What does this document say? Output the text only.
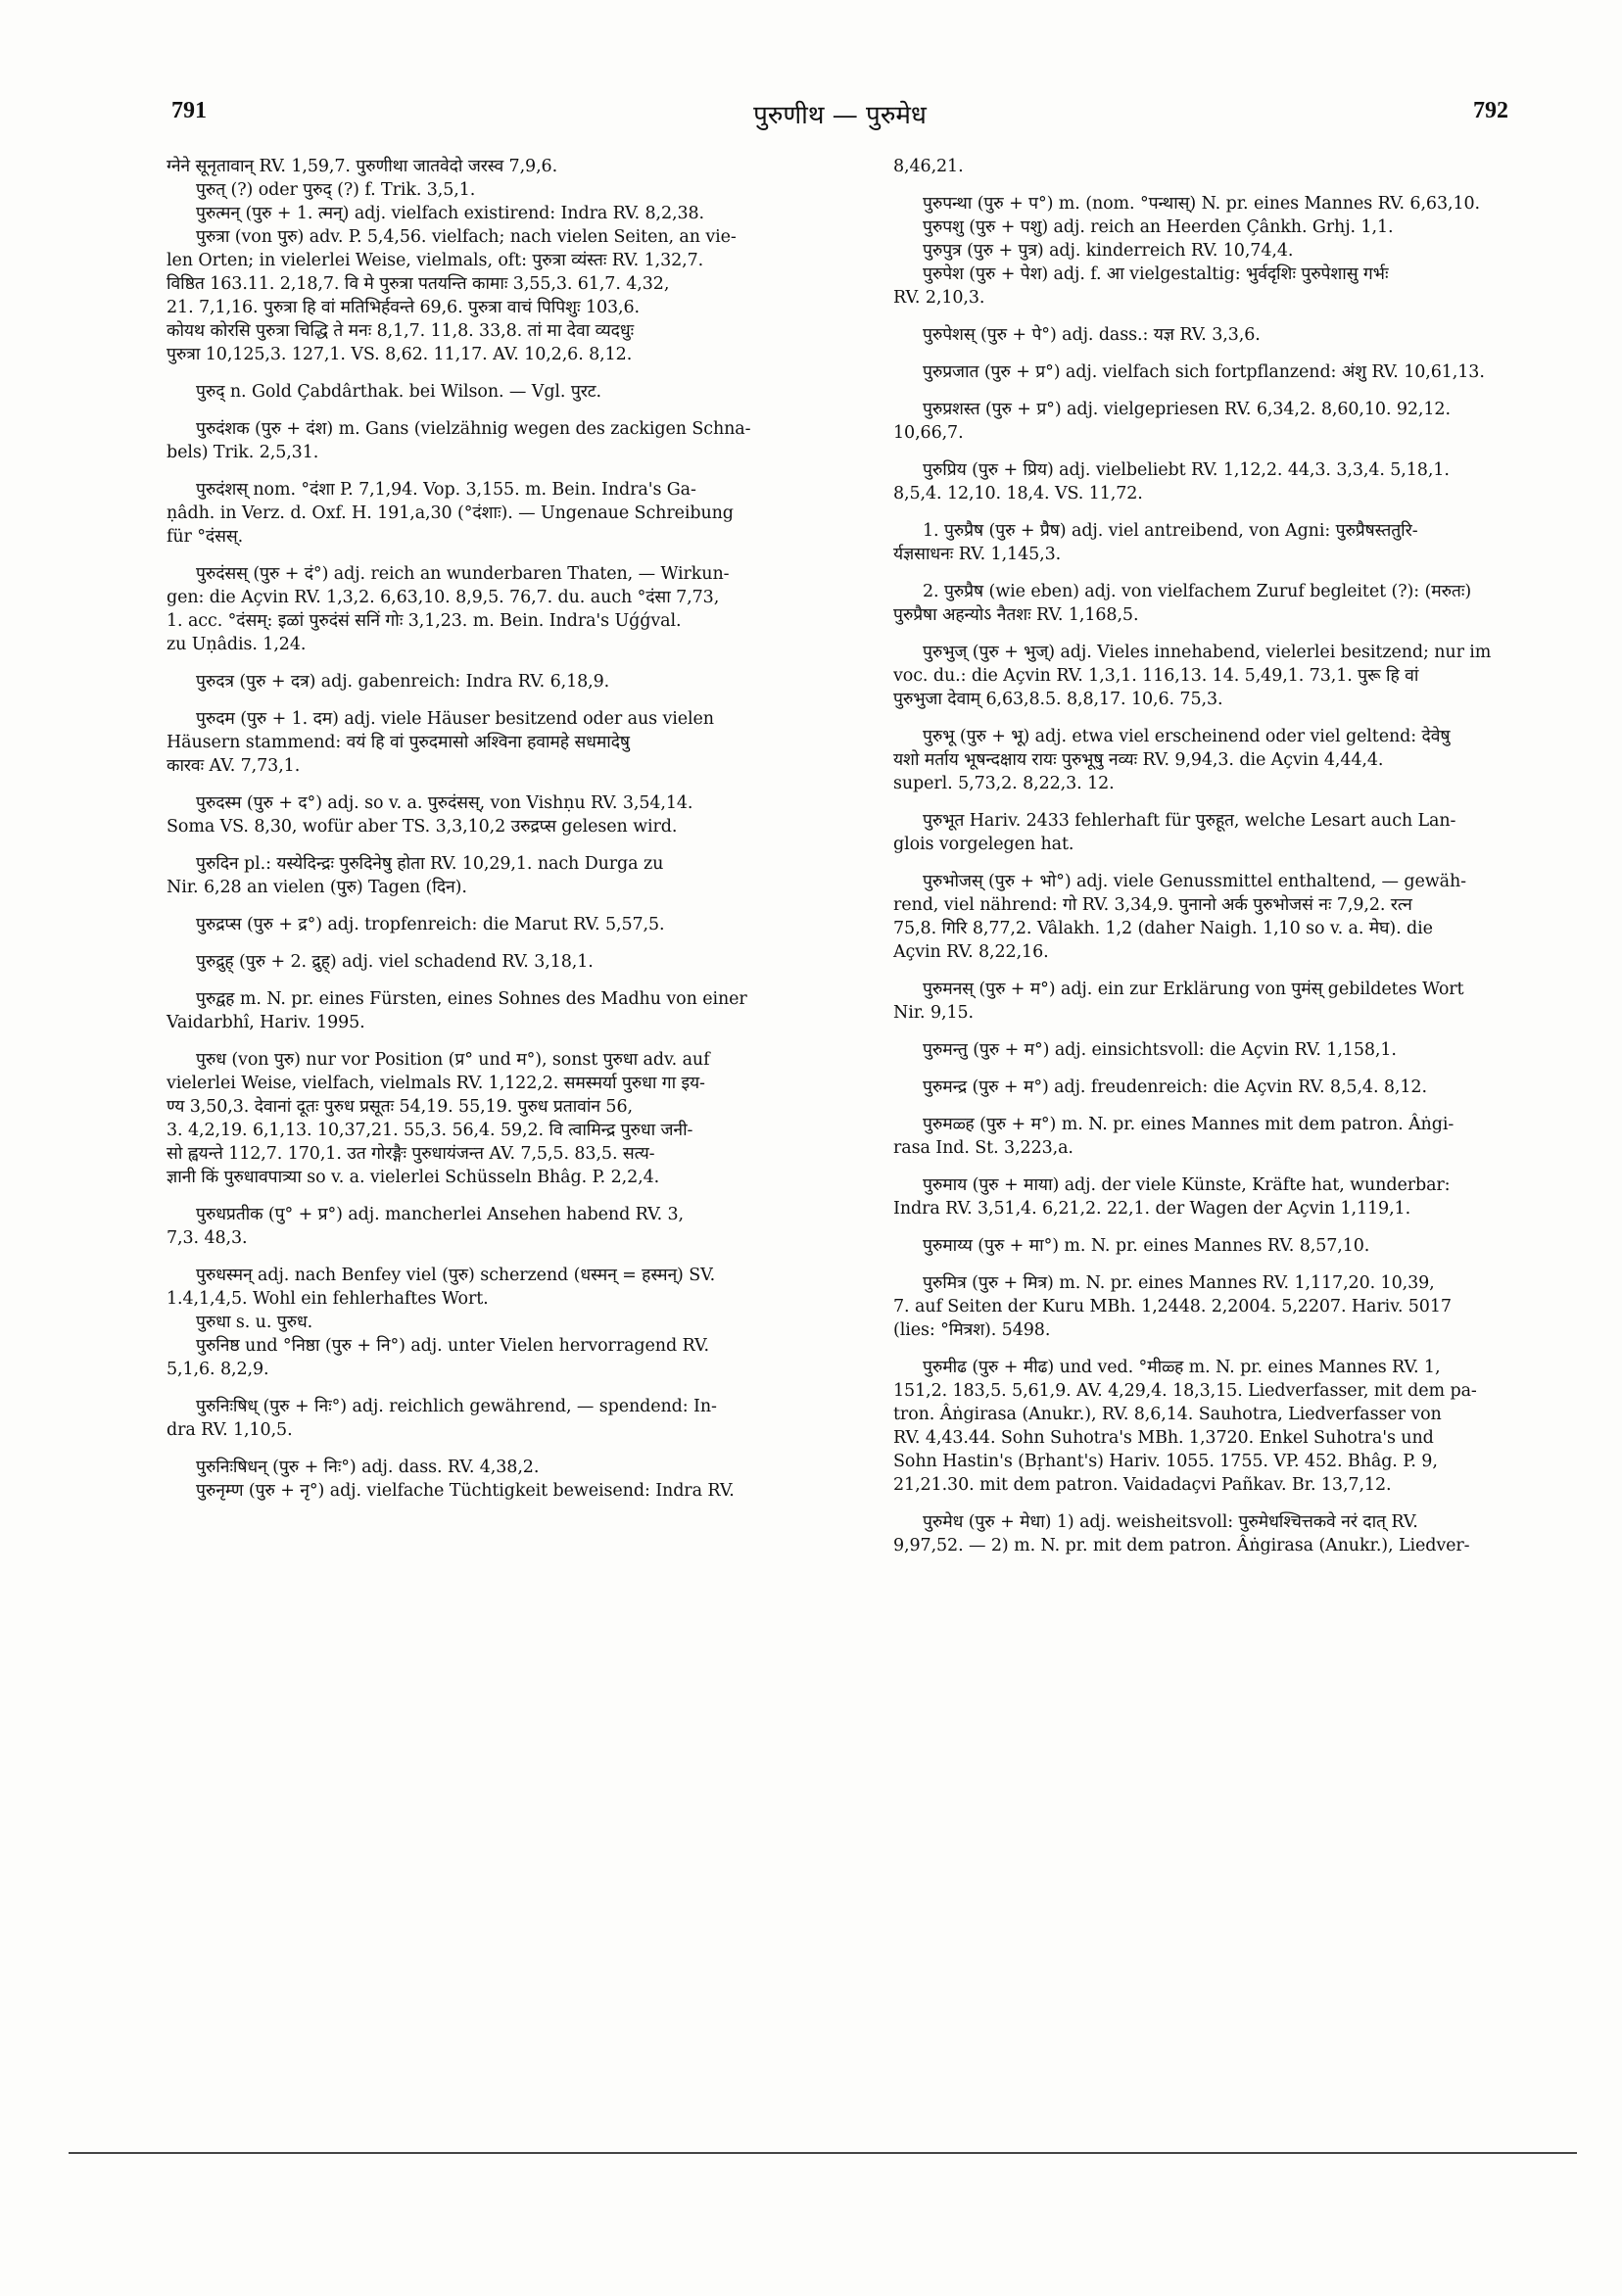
791	पुरुणीथ — पुरुमेध	792

ग्नेने सूनृतावान् RV. 1,59,7. पुरुणीथा जातवेदो जरस्व 7,9,6.

पुरुत् (?) oder पुरुद् (?) f. Trik. 3,5,1.

पुरुत्मन् (पुरु + 1. त्मन्) adj. vielfach existirend: Indra RV. 8,2,38.

पुरुत्रा (von पुरु) adv. P. 5,4,56. vielfach; nach vielen Seiten, an vie-

len Orten; in vielerlei Weise, vielmals, oft: पुरुत्रा व्यंस्तः RV. 1,32,7.

विष्ठित 163.11. 2,18,7. वि मे पुरुत्रा पतयन्ति कामाः 3,55,3. 61,7. 4,32,

21. 7,1,16. पुरुत्रा हि वां मतिभिर्हवन्ते 69,6. पुरुत्रा वाचं पिपिशुः 103,6.

कोयथ कोरसि पुरुत्रा चिद्धि ते मनः 8,1,7. 11,8. 33,8. तां मा देवा व्यदधुः

पुरुत्रा 10,125,3. 127,1. VS. 8,62. 11,17. AV. 10,2,6. 8,12.

पुरुद् n. Gold Çabdârthak. bei Wilson. — Vgl. पुरट.

पुरुदंशक (पुरु + दंश) m. Gans (vielzähnig wegen des zackigen Schna-

bels) Trik. 2,5,31.

पुरुदंशस् nom. °दंशा P. 7,1,94. Vop. 3,155. m. Bein. Indra's Ga-

ṇâdh. in Verz. d. Oxf. H. 191,a,30 (°दंशाः). — Ungenaue Schreibung

für °दंसस्.

पुरुदंसस् (पुरु + दं°) adj. reich an wunderbaren Thaten, — Wirkun-

gen: die Açvin RV. 1,3,2. 6,63,10. 8,9,5. 76,7. du. auch °दंसा 7,73,

1. acc. °दंसम्: इळां पुरुदंसं सनिं गोः 3,1,23. m. Bein. Indra's Uǵǵval.

zu Uṇâdis. 1,24.

पुरुदत्र (पुरु + दत्र) adj. gabenreich: Indra RV. 6,18,9.

पुरुदम (पुरु + 1. दम) adj. viele Häuser besitzend oder aus vielen

Häusern stammend: वयं हि वां पुरुदमासो अश्विना हवामहे सधमादेषु

कारवः AV. 7,73,1.

पुरुदस्म (पुरु + द°) adj. so v. a. पुरुदंसस्, von Vishṇu RV. 3,54,14.

Soma VS. 8,30, wofür aber TS. 3,3,10,2 उरुद्रप्स gelesen wird.

पुरुदिन pl.: यस्येदिन्द्रः पुरुदिनेषु होता RV. 10,29,1. nach Durga zu

Nir. 6,28 an vielen (पुरु) Tagen (दिन).

पुरुद्रप्स (पुरु + द्र°) adj. tropfenreich: die Marut RV. 5,57,5.

पुरुद्रुह् (पुरु + 2. द्रुह्) adj. viel schadend RV. 3,18,1.

पुरुद्वह m. N. pr. eines Fürsten, eines Sohnes des Madhu von einer

Vaidarbhî, Hariv. 1995.

पुरुध (von पुरु) nur vor Position (प्र° und म°), sonst पुरुधा adv. auf

vielerlei Weise, vielfach, vielmals RV. 1,122,2. समस्मर्या पुरुधा गा इय-

ण्य 3,50,3. देवानां दूतः पुरुध प्रसूतः 54,19. 55,19. पुरुध प्रतावांन 56,

3. 4,2,19. 6,1,13. 10,37,21. 55,3. 56,4. 59,2. वि त्वामिन्द्र पुरुधा जनी-

सो ह्वयन्ते 112,7. 170,1. उत गोरङ्गैः पुरुधायंजन्त AV. 7,5,5. 83,5. सत्य-

ज्ञानी किं पुरुधावपात्र्या so v. a. vielerlei Schüsseln Bhâg. P. 2,2,4.

पुरुधप्रतीक (पु° + प्र°) adj. mancherlei Ansehen habend RV. 3,

7,3. 48,3.

पुरुधस्मन् adj. nach Benfey viel (पुरु) scherzend (धस्मन् = हस्मन्) SV.

1.4,1,4,5. Wohl ein fehlerhaftes Wort.

पुरुधा s. u. पुरुध.

पुरुनिष्ठ und °निष्ठा (पुरु + नि°) adj. unter Vielen hervorragend RV.

5,1,6. 8,2,9.

पुरुनिःषिध् (पुरु + निः°) adj. reichlich gewährend, — spendend: In-

dra RV. 1,10,5.

पुरुनिःषिधन् (पुरु + निः°) adj. dass. RV. 4,38,2.

पुरुनृम्ण (पुरु + नृ°) adj. vielfache Tüchtigkeit beweisend: Indra RV.

8,46,21.

पुरुपन्था (पुरु + प°) m. (nom. °पन्थास्) N. pr. eines Mannes RV. 6,63,10.

पुरुपशु (पुरु + पशु) adj. reich an Heerden Çânkh. Grhj. 1,1.

पुरुपुत्र (पुरु + पुत्र) adj. kinderreich RV. 10,74,4.

पुरुपेश (पुरु + पेश) adj. f. आ vielgestaltig: भुर्वदृशिः पुरुपेशासु गर्भः

RV. 2,10,3.

पुरुपेशस् (पुरु + पे°) adj. dass.: यज्ञ RV. 3,3,6.

पुरुप्रजात (पुरु + प्र°) adj. vielfach sich fortpflanzend: अंशु RV. 10,61,13.

पुरुप्रशस्त (पुरु + प्र°) adj. vielgepriesen RV. 6,34,2. 8,60,10. 92,12.

10,66,7.

पुरुप्रिय (पुरु + प्रिय) adj. vielbeliebt RV. 1,12,2. 44,3. 3,3,4. 5,18,1.

8,5,4. 12,10. 18,4. VS. 11,72.

1. पुरुप्रैष (पुरु + प्रैष) adj. viel antreibend, von Agni: पुरुप्रैषस्ततुरि-

र्यज्ञसाधनः RV. 1,145,3.

2. पुरुप्रैष (wie eben) adj. von vielfachem Zuruf begleitet (?): (मरुतः)

पुरुप्रैषा अहन्योऽ नैतशः RV. 1,168,5.

पुरुभुज् (पुरु + भुज्) adj. Vieles innehabend, vielerlei besitzend; nur im

voc. du.: die Açvin RV. 1,3,1. 116,13. 14. 5,49,1. 73,1. पुरू हि वां

पुरुभुजा देवाम् 6,63,8.5. 8,8,17. 10,6. 75,3.

पुरुभू (पुरु + भू) adj. etwa viel erscheinend oder viel geltend: देवेषु

यशो मर्ताय भूषन्दक्षाय रायः पुरुभूषु नव्यः RV. 9,94,3. die Açvin 4,44,4.

superl. 5,73,2. 8,22,3. 12.

पुरुभूत Hariv. 2433 fehlerhaft für पुरुहूत, welche Lesart auch Lan-

glois vorgelegen hat.

पुरुभोजस् (पुरु + भो°) adj. viele Genussmittel enthaltend, — gewäh-

rend, viel nährend: गो RV. 3,34,9. पुनानो अर्क पुरुभोजसं नः 7,9,2. रत्न

75,8. गिरि 8,77,2. Vâlakh. 1,2 (daher Naigh. 1,10 so v. a. मेघ). die

Açvin RV. 8,22,16.

पुरुमनस् (पुरु + म°) adj. ein zur Erklärung von पुमंस् gebildetes Wort

Nir. 9,15.

पुरुमन्तु (पुरु + म°) adj. einsichtsvoll: die Açvin RV. 1,158,1.

पुरुमन्द्र (पुरु + म°) adj. freudenreich: die Açvin RV. 8,5,4. 8,12.

पुरुमळ्ह (पुरु + म°) m. N. pr. eines Mannes mit dem patron. Âṅgi-

rasa Ind. St. 3,223,a.

पुरुमाय (पुरु + माया) adj. der viele Künste, Kräfte hat, wunderbar:

Indra RV. 3,51,4. 6,21,2. 22,1. der Wagen der Açvin 1,119,1.

पुरुमाय्य (पुरु + मा°) m. N. pr. eines Mannes RV. 8,57,10.

पुरुमित्र (पुरु + मित्र) m. N. pr. eines Mannes RV. 1,117,20. 10,39,

7. auf Seiten der Kuru MBh. 1,2448. 2,2004. 5,2207. Hariv. 5017

(lies: °मित्रश). 5498.

पुरुमीढ (पुरु + मीढ) und ved. °मीळ्ह m. N. pr. eines Mannes RV. 1,

151,2. 183,5. 5,61,9. AV. 4,29,4. 18,3,15. Liedverfasser, mit dem pa-

tron. Âṅgirasa (Anukr.), RV. 8,6,14. Sauhotra, Liedverfasser von

RV. 4,43.44. Sohn Suhotra's MBh. 1,3720. Enkel Suhotra's und

Sohn Hastin's (Bṛhant's) Hariv. 1055. 1755. VP. 452. Bhâg. P. 9,

21,21.30. mit dem patron. Vaidadaçvi Pañkav. Br. 13,7,12.

पुरुमेध (पुरु + मेधा) 1) adj. weisheitsvoll: पुरुमेधश्चित्तकवे नरं दात् RV.

9,97,52. — 2) m. N. pr. mit dem patron. Âṅgirasa (Anukr.), Liedver-
